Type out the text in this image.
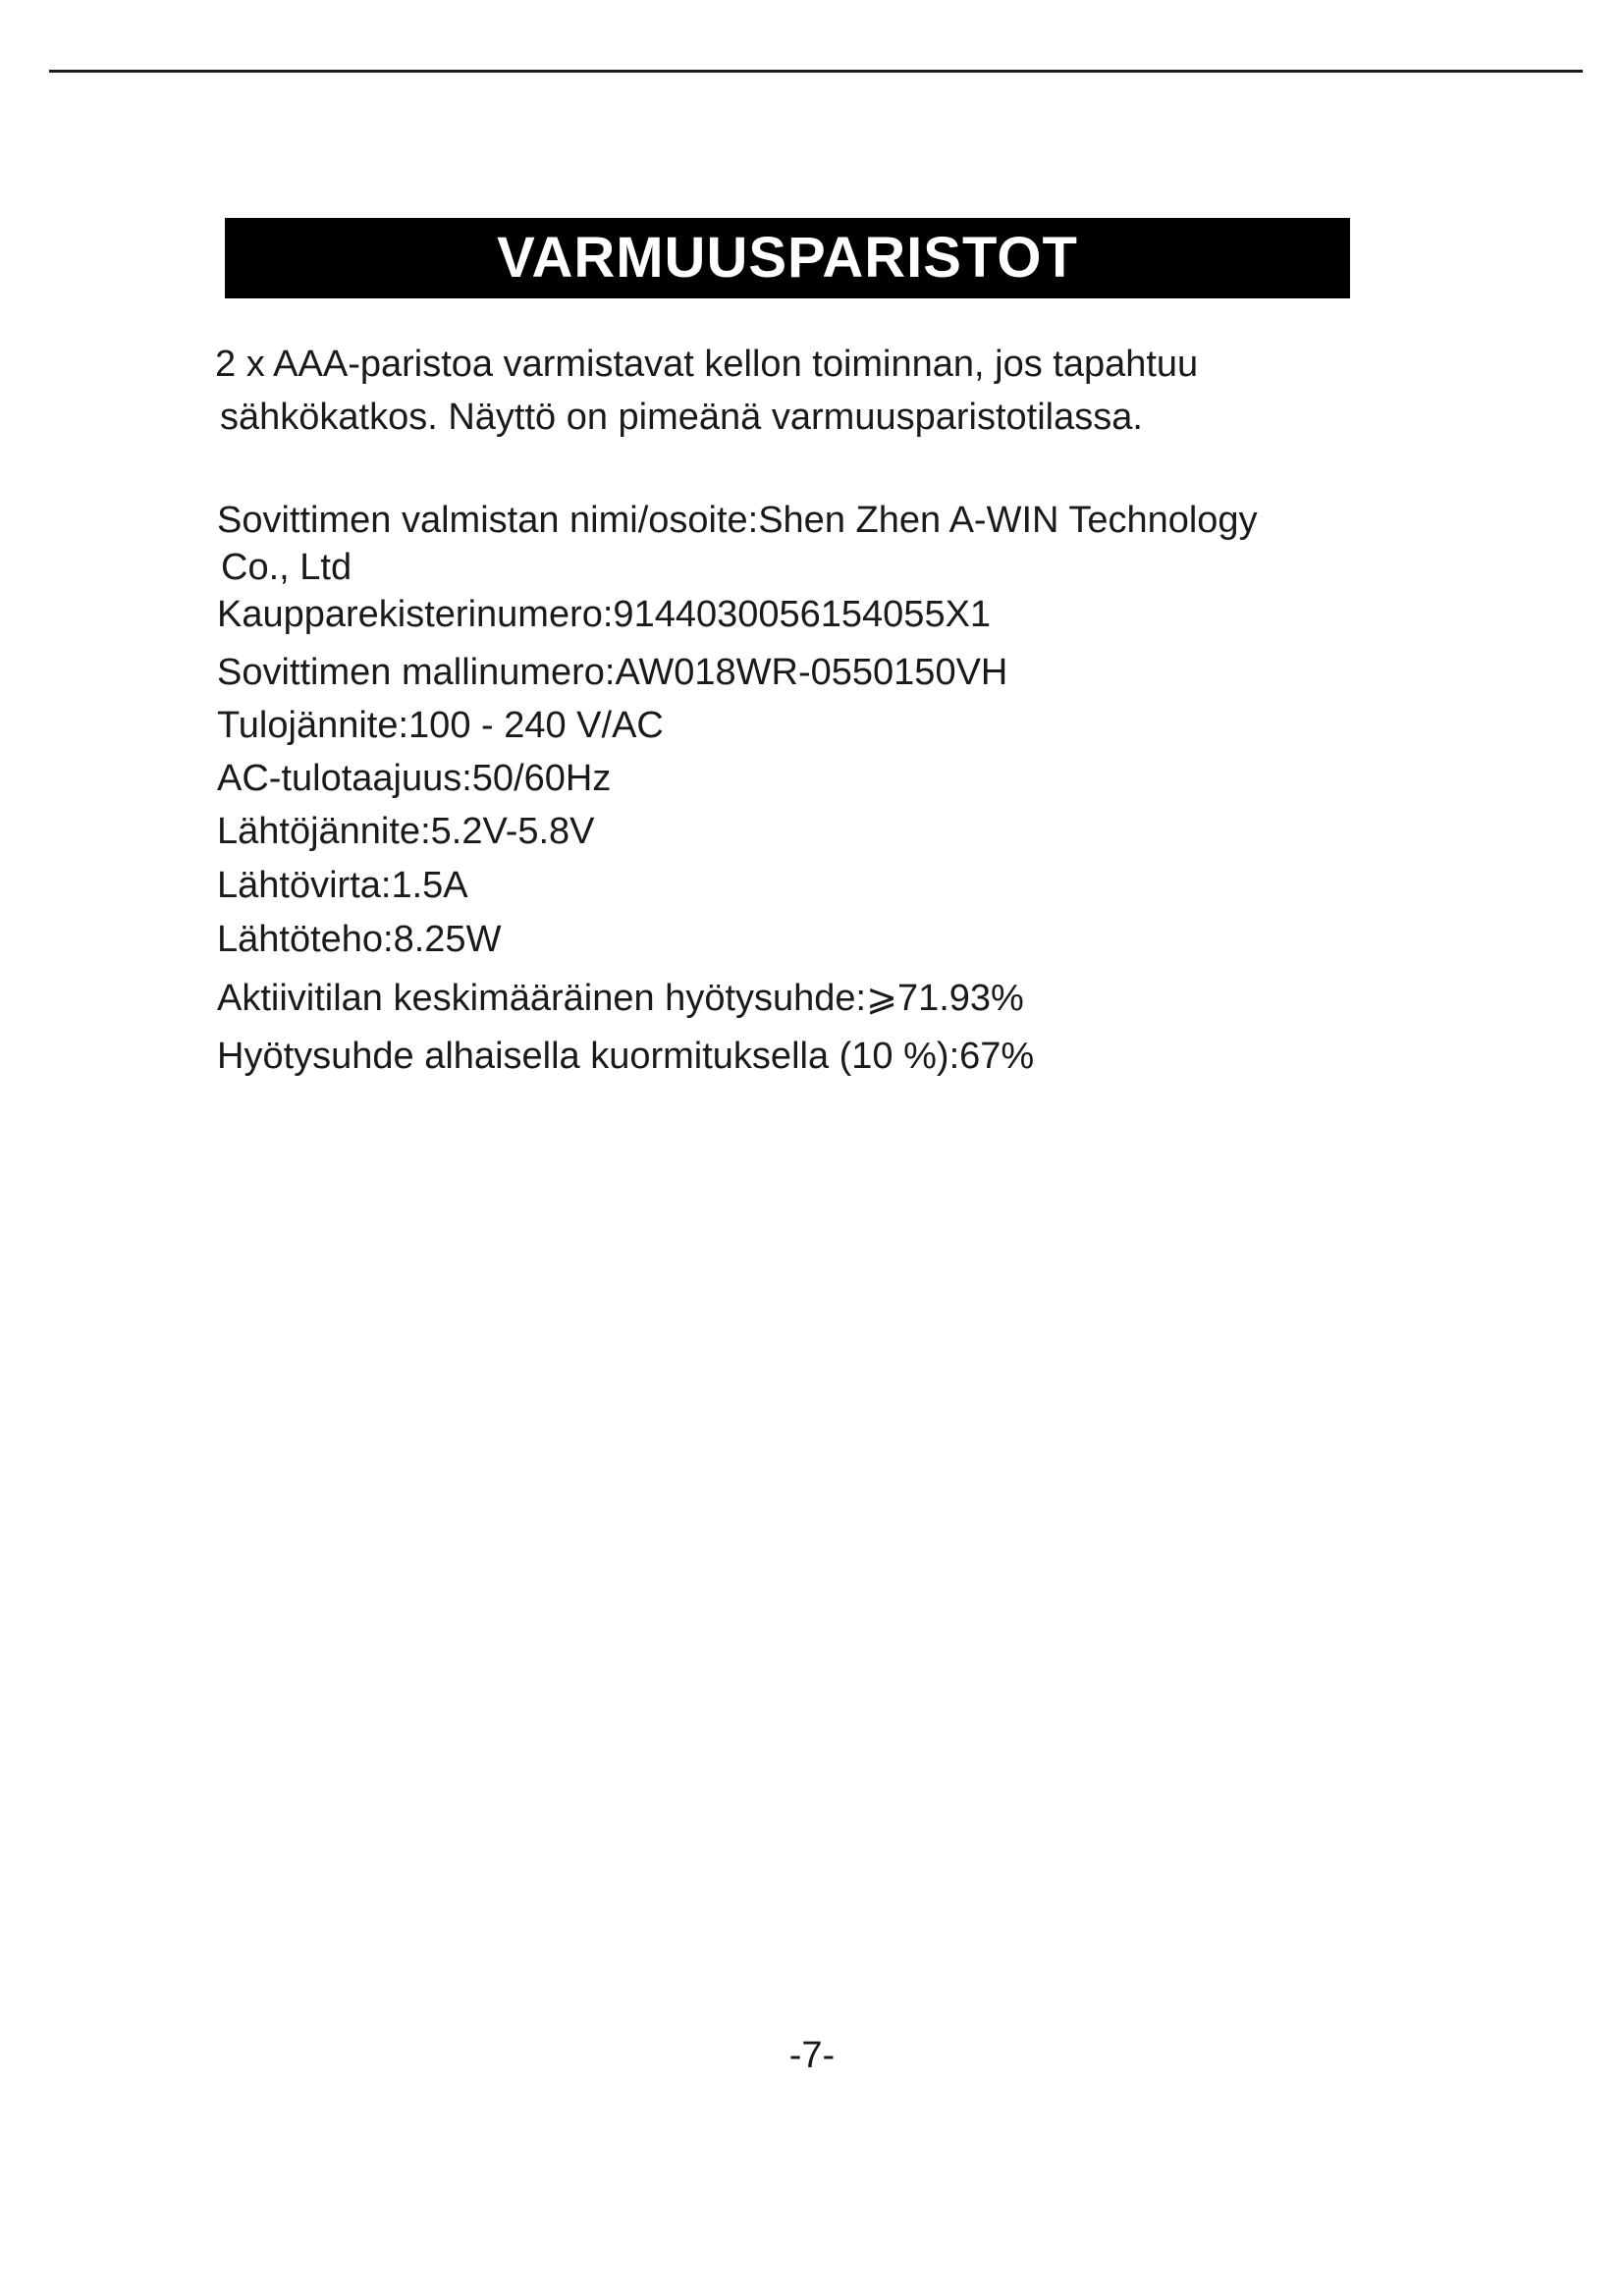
VARMUUSPARISTOT

2 x AAA-paristoa varmistavat kellon toiminnan, jos tapahtuu

sähkökatkos. Näyttö on pimeänä varmuusparistotilassa.

Sovittimen valmistan nimi/osoite:Shen Zhen A-WIN Technology
Co., Ltd
Kaupparekisterinumero:9144030056154055X1
Sovittimen mallinumero:AW018WR-0550150VH
Tulojännite:100 - 240 V/AC
AC-tulotaajuus:50/60Hz
Lähtöjännite:5.2V-5.8V
Lähtövirta:1.5A
Lähtöteho:8.25W
Aktiivitilan keskimääräinen hyötysuhde:⩾71.93%
Hyötysuhde alhaisella kuormituksella (10 %):67%
-7-
